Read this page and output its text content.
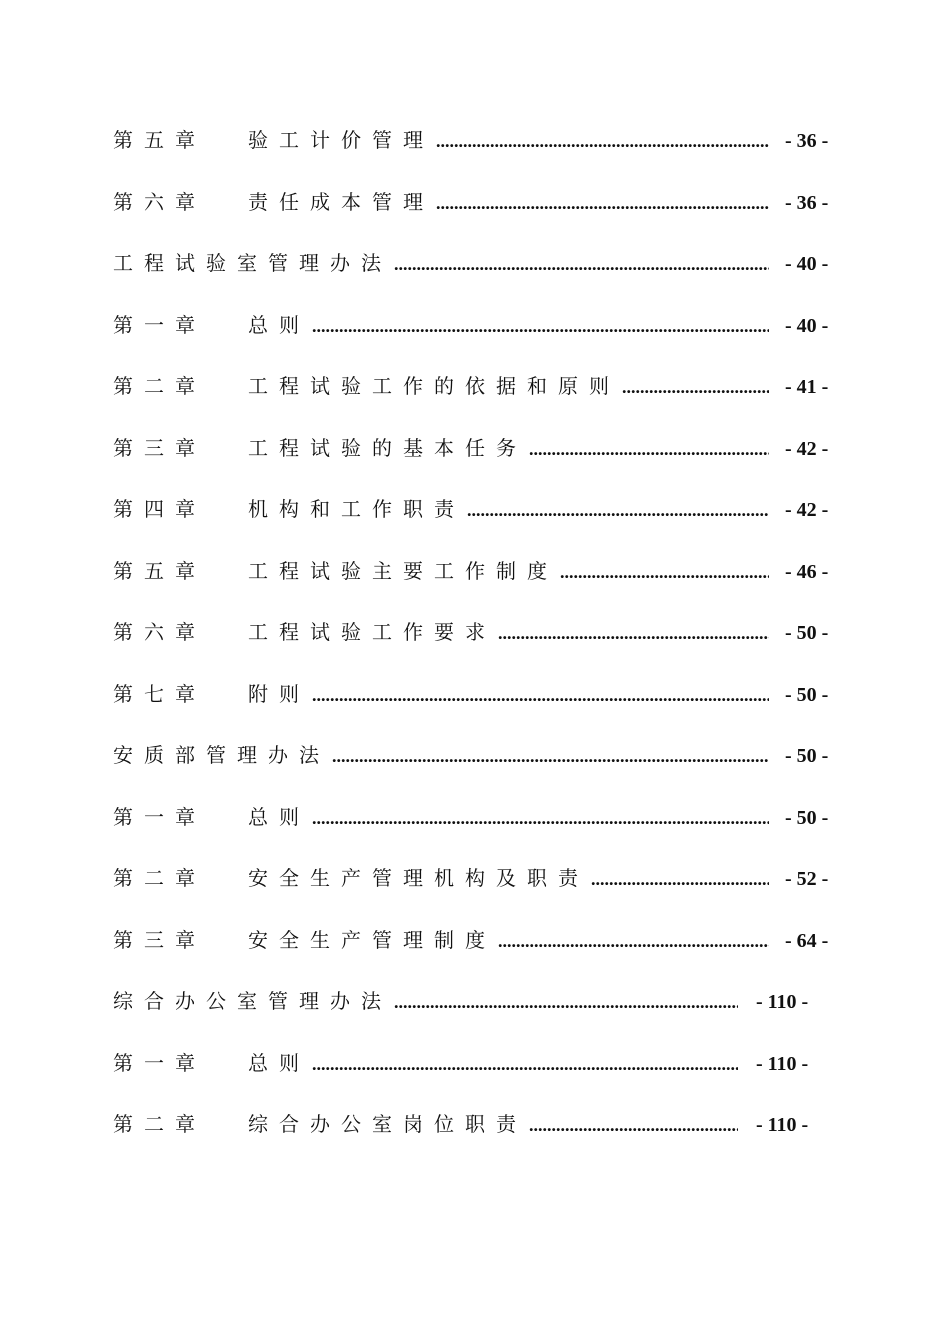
第五章	验工计价管理 .....	- 36 -
第六章	责任成本管理 .....	- 36 -
工程试验室管理办法 .....	- 40 -
第一章	总则 .....	- 40 -
第二章	工程试验工作的依据和原则 .....	- 41 -
第三章	工程试验的基本任务 .....	- 42 -
第四章	机构和工作职责 .....	- 42 -
第五章	工程试验主要工作制度 .....	- 46 -
第六章	工程试验工作要求 .....	- 50 -
第七章	附则 .....	- 50 -
安质部管理办法 .....	- 50 -
第一章	总则 .....	- 50 -
第二章	安全生产管理机构及职责 .....	- 52 -
第三章	安全生产管理制度 .....	- 64 -
综合办公室管理办法 .....	- 110 -
第一章	总则 .....	- 110 -
第二章	综合办公室岗位职责 .....	- 110 -
